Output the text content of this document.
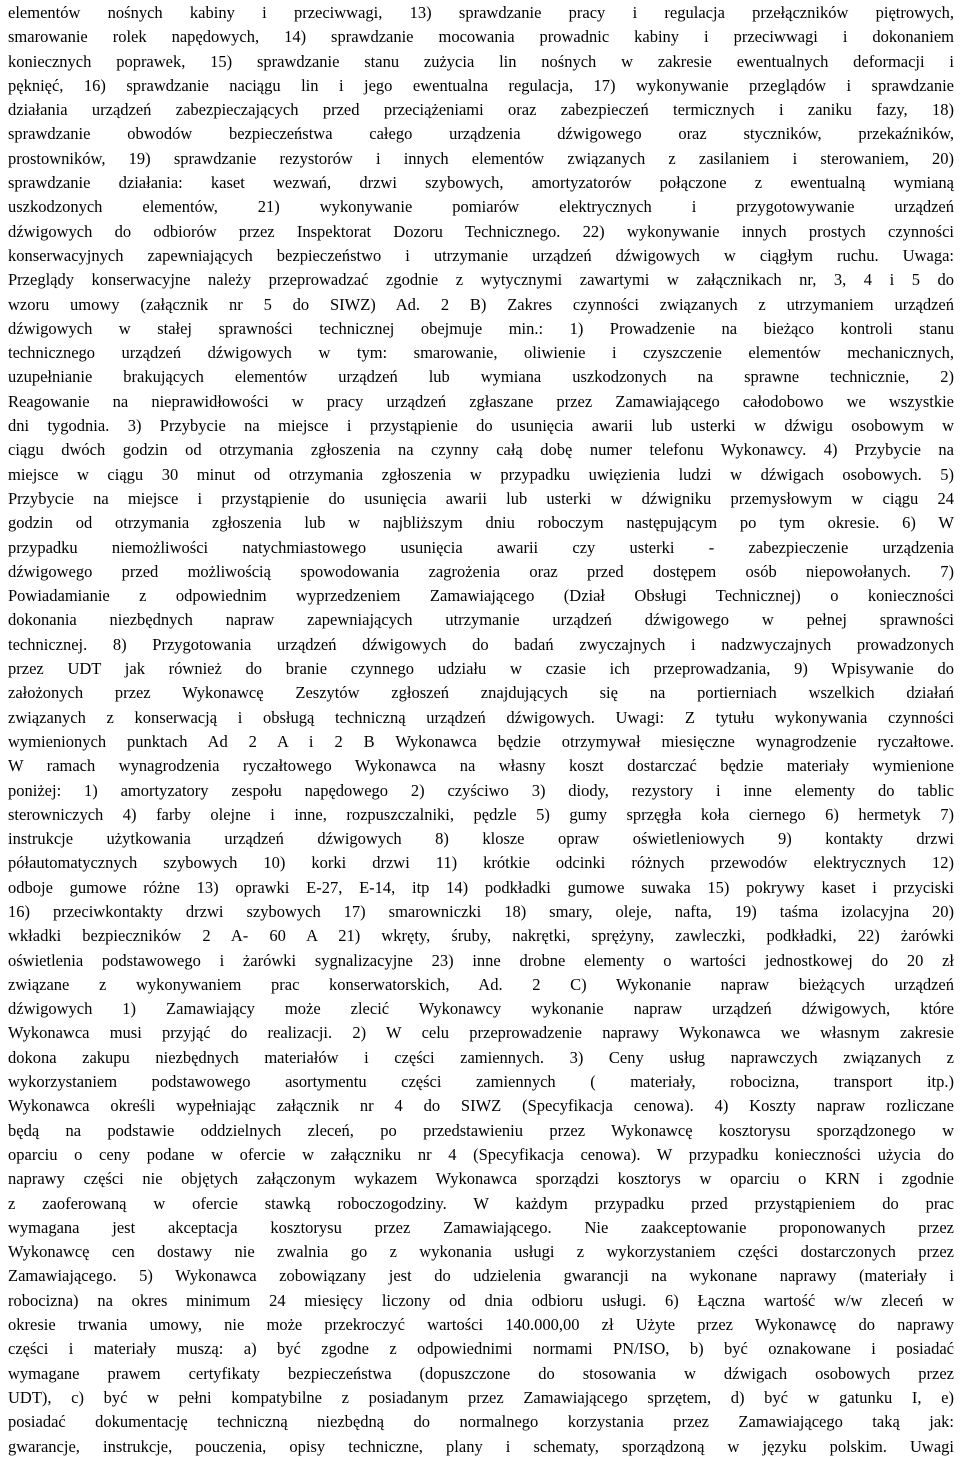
elementów nośnych kabiny i przeciwwagi, 13) sprawdzanie pracy i regulacja przełączników piętrowych,
smarowanie rolek napędowych, 14) sprawdzanie mocowania prowadnic kabiny i przeciwwagi i dokonaniem
koniecznych poprawek, 15) sprawdzanie stanu zużycia lin nośnych w zakresie ewentualnych deformacji i
pęknięć, 16) sprawdzanie naciągu lin i jego ewentualna regulacja, 17) wykonywanie przeglądów i sprawdzanie
działania urządzeń zabezpieczających przed przeciążeniami oraz zabezpieczeń termicznych i zaniku fazy, 18)
sprawdzanie obwodów bezpieczeństwa całego urządzenia dźwigowego oraz styczników, przekaźników,
prostowników, 19) sprawdzanie rezystorów i innych elementów związanych z zasilaniem i sterowaniem, 20)
sprawdzanie działania: kaset wezwań, drzwi szybowych, amortyzatorów połączone z ewentualną wymianą
uszkodzonych elementów, 21) wykonywanie pomiarów elektrycznych i przygotowywanie urządzeń
dźwigowych do odbiorów przez Inspektorat Dozoru Technicznego. 22) wykonywanie innych prostych czynności
konserwacyjnych zapewniających bezpieczeństwo i utrzymanie urządzeń dźwigowych w ciągłym ruchu. Uwaga:
Przeglądy konserwacyjne należy przeprowadzać zgodnie z wytycznymi zawartymi w załącznikach nr, 3, 4 i 5 do
wzoru umowy (załącznik nr 5 do SIWZ) Ad. 2 B) Zakres czynności związanych z utrzymaniem urządzeń
dźwigowych w stałej sprawności technicznej obejmuje min.: 1) Prowadzenie na bieżąco kontroli stanu
technicznego urządzeń dźwigowych w tym: smarowanie, oliwienie i czyszczenie elementów mechanicznych,
uzupełnianie brakujących elementów urządzeń lub wymiana uszkodzonych na sprawne technicznie, 2)
Reagowanie na nieprawidłowości w pracy urządzeń zgłaszane przez Zamawiającego całodobowo we wszystkie
dni tygodnia. 3) Przybycie na miejsce i przystąpienie do usunięcia awarii lub usterki w dźwigu osobowym w
ciągu dwóch godzin od otrzymania zgłoszenia na czynny całą dobę numer telefonu Wykonawcy. 4) Przybycie na
miejsce w ciągu 30 minut od otrzymania zgłoszenia w przypadku uwięzienia ludzi w dźwigach osobowych. 5)
Przybycie na miejsce i przystąpienie do usunięcia awarii lub usterki w dźwigniku przemysłowym w ciągu 24
godzin od otrzymania zgłoszenia lub w najbliższym dniu roboczym następującym po tym okresie. 6) W
przypadku niemożliwości natychmiastowego usunięcia awarii czy usterki - zabezpieczenie urządzenia
dźwigowego przed możliwością spowodowania zagrożenia oraz przed dostępem osób niepowołanych. 7)
Powiadamianie z odpowiednim wyprzedzeniem Zamawiającego (Dział Obsługi Technicznej) o konieczności
dokonania niezbędnych napraw zapewniających utrzymanie urządzeń dźwigowego w pełnej sprawności
technicznej. 8) Przygotowania urządzeń dźwigowych do badań zwyczajnych i nadzwyczajnych prowadzonych
przez UDT jak również do branie czynnego udziału w czasie ich przeprowadzania, 9) Wpisywanie do
założonych przez Wykonawcę Zeszytów zgłoszeń znajdujących się na portierniach wszelkich działań
związanych z konserwacją i obsługą techniczną urządzeń dźwigowych. Uwagi: Z tytułu wykonywania czynności
wymienionych punktach Ad 2 A i 2 B Wykonawca będzie otrzymywał miesięczne wynagrodzenie ryczałtowe.
W ramach wynagrodzenia ryczałtowego Wykonawca na własny koszt dostarczać będzie materiały wymienione
poniżej: 1) amortyzatory zespołu napędowego 2) czyściwo 3) diody, rezystory i inne elementy do tablic
sterowniczych 4) farby olejne i inne, rozpuszczalniki, pędzle 5) gumy sprzęgła koła ciernego 6) hermetyk 7)
instrukcje użytkowania urządzeń dźwigowych 8) klosze opraw oświetleniowych 9) kontakty drzwi
półautomatycznych szybowych 10) korki drzwi 11) krótkie odcinki różnych przewodów elektrycznych 12)
odboje gumowe różne 13) oprawki E-27, E-14, itp 14) podkładki gumowe suwaka 15) pokrywy kaset i przyciski
16) przeciwkontakty drzwi szybowych 17) smarowniczki 18) smary, oleje, nafta, 19) taśma izolacyjna 20)
wkładki bezpieczników 2 A- 60 A 21) wkręty, śruby, nakrętki, sprężyny, zawleczki, podkładki, 22) żarówki
oświetlenia podstawowego i żarówki sygnalizacyjne 23) inne drobne elementy o wartości jednostkowej do 20 zł
związane z wykonywaniem prac konserwatorskich, Ad. 2 C) Wykonanie napraw bieżących urządzeń
dźwigowych 1) Zamawiający może zlecić Wykonawcy wykonanie napraw urządzeń dźwigowych, które
Wykonawca musi przyjąć do realizacji. 2) W celu przeprowadzenie naprawy Wykonawca we własnym zakresie
dokona zakupu niezbędnych materiałów i części zamiennych. 3) Ceny usług naprawczych związanych z
wykorzystaniem podstawowego asortymentu części zamiennych ( materiały, robocizna, transport itp.)
Wykonawca określi wypełniając załącznik nr 4 do SIWZ (Specyfikacja cenowa). 4) Koszty napraw rozliczane
będą na podstawie oddzielnych zleceń, po przedstawieniu przez Wykonawcę kosztorysu sporządzonego w
oparciu o ceny podane w ofercie w załączniku nr 4 (Specyfikacja cenowa). W przypadku konieczności użycia do
naprawy części nie objętych załączonym wykazem Wykonawca sporządzi kosztorys w oparciu o KRN i zgodnie
z zaoferowaną w ofercie stawką roboczogodziny. W każdym przypadku przed przystąpieniem do prac
wymagana jest akceptacja kosztorysu przez Zamawiającego. Nie zaakceptowanie proponowanych przez
Wykonawcę cen dostawy nie zwalnia go z wykonania usługi z wykorzystaniem części dostarczonych przez
Zamawiającego. 5) Wykonawca zobowiązany jest do udzielenia gwarancji na wykonane naprawy (materiały i
robocizna) na okres minimum 24 miesięcy liczony od dnia odbioru usługi. 6) Łączna wartość w/w zleceń w
okresie trwania umowy, nie może przekroczyć wartości 140.000,00 zł Użyte przez Wykonawcę do naprawy
części i materiały muszą: a) być zgodne z odpowiednimi normami PN/ISO, b) być oznakowane i posiadać
wymagane prawem certyfikaty bezpieczeństwa (dopuszczone do stosowania w dźwigach osobowych przez
UDT), c) być w pełni kompatybilne z posiadanym przez Zamawiającego sprzętem, d) być w gatunku I, e)
posiadać dokumentację techniczną niezbędną do normalnego korzystania przez Zamawiającego taką jak:
gwarancje, instrukcje, pouczenia, opisy techniczne, plany i schematy, sporządzoną w języku polskim. Uwagi
